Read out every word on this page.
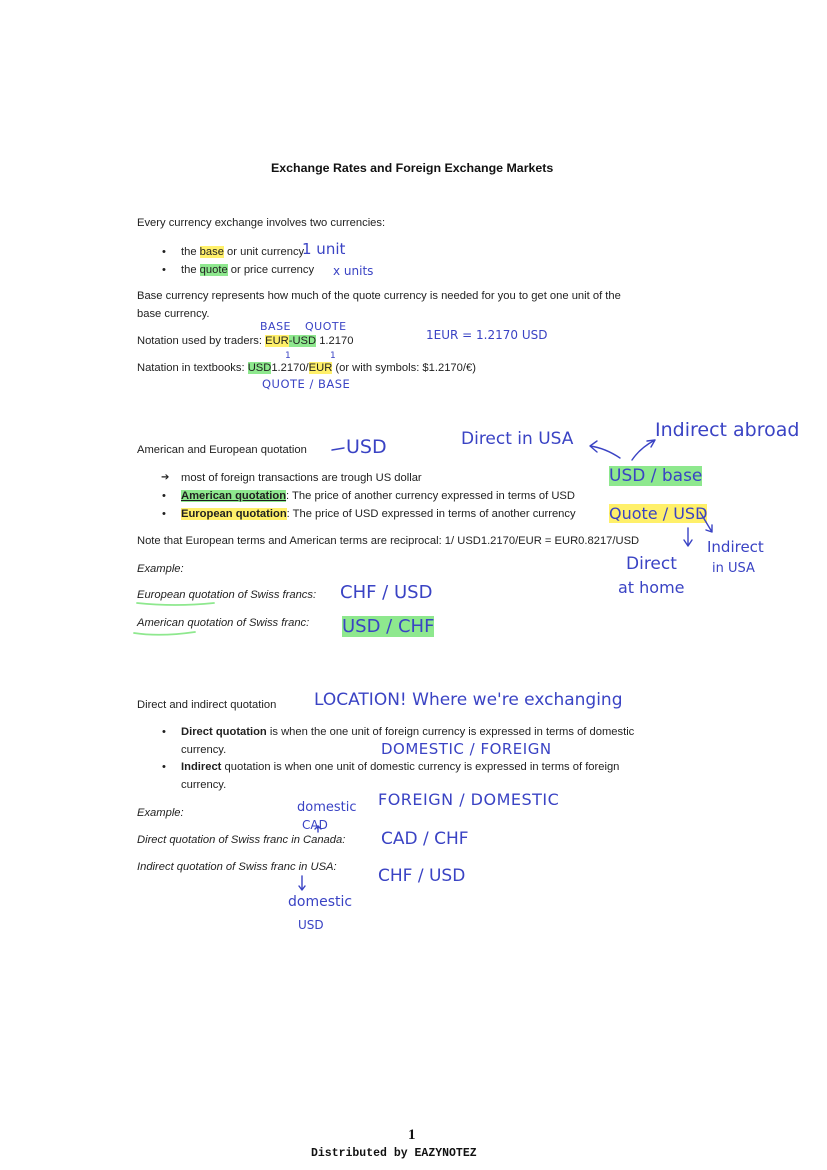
Exchange Rates and Foreign Exchange Markets
Every currency exchange involves two currencies:
• the base or unit currency
• the quote or price currency
Base currency represents how much of the quote currency is needed for you to get one unit of the
base currency.
Notation used by traders: EUR-USD 1.2170
Natation in textbooks: USD1.2170/EUR (or with symbols: $1.2170/€)
American and European quotation
➔ most of foreign transactions are trough US dollar
• American quotation: The price of another currency expressed in terms of USD
• European quotation: The price of USD expressed in terms of another currency
Note that European terms and American terms are reciprocal: 1/ USD1.2170/EUR = EUR0.8217/USD
Example:
European quotation of Swiss francs:
American quotation of Swiss franc:
Direct and indirect quotation
• Direct quotation is when the one unit of foreign currency is expressed in terms of domestic
currency.
• Indirect quotation is when one unit of domestic currency is expressed in terms of foreign
currency.
Example:
Direct quotation of Swiss franc in Canada:
Indirect quotation of Swiss franc in USA:
1 unit
x units
BASE QUOTE
1EUR = 1.2170 USD
1	1
QUOTE / BASE
USD	Direct in USA	Indirect abroad
USD / base
Quote / USD
Indirect
in USA
Direct
at home
CHF / USD
USD / CHF
LOCATION! Where we're exchanging
DOMESTIC / FOREIGN
FOREIGN / DOMESTIC
domestic
CAD
CAD / CHF
CHF / USD
domestic
USD
1
Distributed by EAZYNOTEZ
